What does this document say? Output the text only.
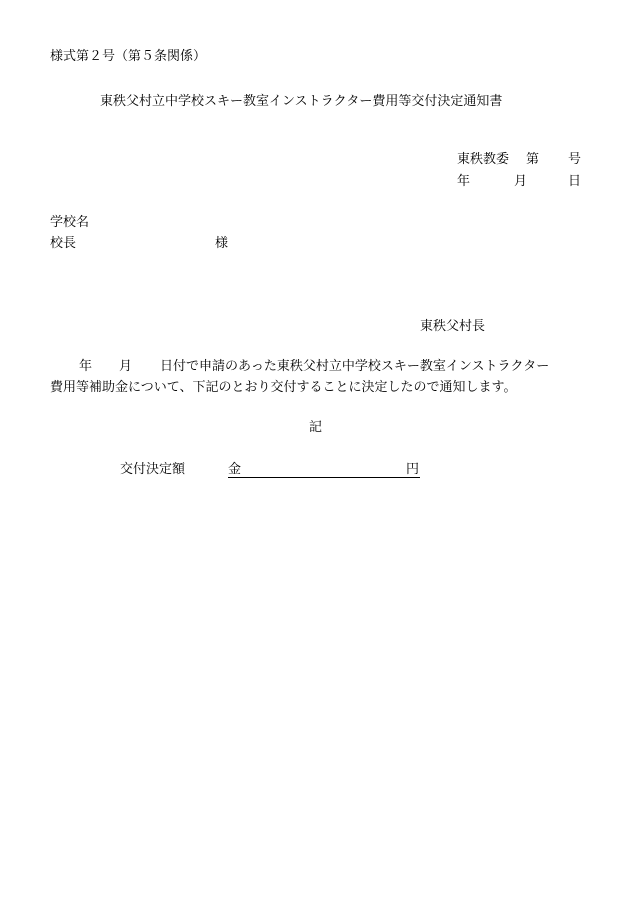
様式第２号（第５条関係）
東秩父村立中学校スキー教室インストラクター費用等交付決定通知書
東秩教委 第 号
年	月	日
学校名
校長	様
東秩父村長
年 月 日付で申請のあった東秩父村立中学校スキー教室インストラクター
費用等補助金について、下記のとおり交付することに決定したので通知します。
記
交付決定額	金	円
